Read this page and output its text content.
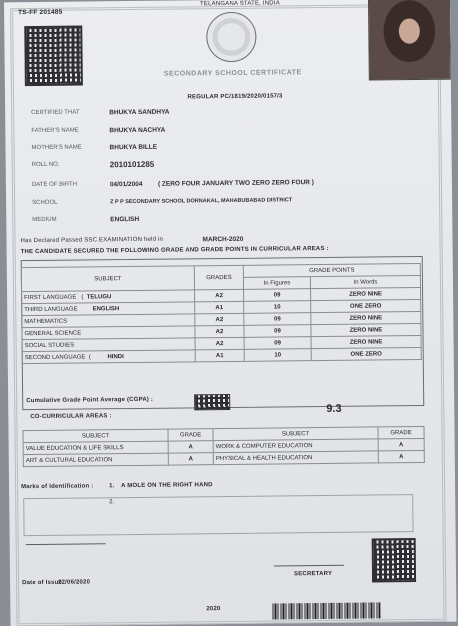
TS-FF 201485
TELANGANA STATE, INDIA
SECONDARY SCHOOL CERTIFICATE
REGULAR PC/1819/2020/0157/3
CERTIFIED THAT	BHUKYA SANDHYA
FATHER'S NAME	BHUKYA NACHYA
MOTHER'S NAME	BHUKYA BILLE
ROLL NO.	2010101285
DATE OF BIRTH	04/01/2004 ( ZERO FOUR JANUARY TWO ZERO ZERO FOUR )
SCHOOL	Z P P SECONDARY SCHOOL DORNAKAL, MAHABUBABAD DISTRICT
MEDIUM	ENGLISH
Has Declared Passed SSC EXAMINATION held in	MARCH-2020
THE CANDIDATE SECURED THE FOLLOWING GRADE AND GRADE POINTS IN CURRICULAR AREAS :
SUBJECT	GRADES	GRADE POINTS	
		In Figures	In Words
FIRST LANGUAGE   (  TELUGU	A2	09	ZERO NINE
THIRD LANGUAGE ENGLISH	A1	10	ONE ZERO
MATHEMATICS	A2	09	ZERO NINE
GENERAL SCIENCE	A2	09	ZERO NINE
SOCIAL STUDIES	A2	09	ZERO NINE
SECOND LANGUAGE  (          HINDI	A1	10	ONE ZERO
Cumulative Grade Point Average (CGPA) :
9.3
CO-CURRICULAR AREAS :
SUBJECT	GRADE	SUBJECT	GRADE
VALUE EDUCATION & LIFE SKILLS	A	WORK & COMPUTER EDUCATION	A
ART & CULTURAL EDUCATION	A	PHYSICAL & HEALTH EDUCATION	A
Marks of Identification :	1. A MOLE ON THE RIGHT HAND
2.
Date of Issue
22/06/2020
SECRETARY
2020
